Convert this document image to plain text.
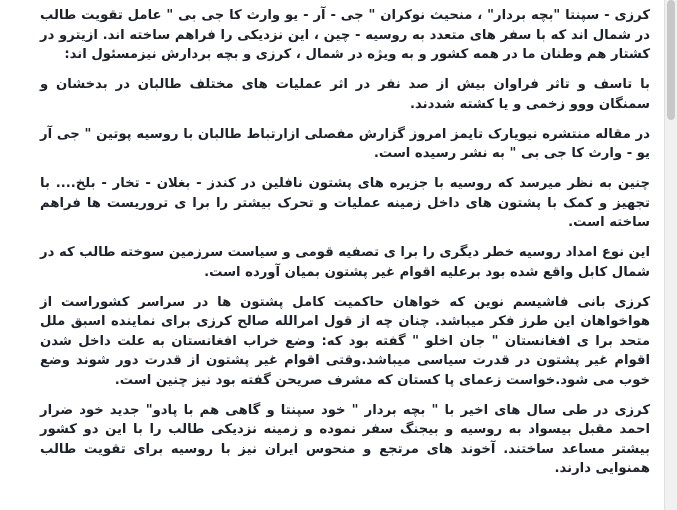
کرزی - سپنتا "بچه بردار" ، منحیث نوکران " جی - آر - یو وارث کا جی بی " عامل تقویت طالب در شمال اند که با سفر های متعدد به روسیه - چین ، این نزدیکی را فراهم ساخته اند. ازیترو در کشتار هم وطنان ما در همه کشور و به ویژه در شمال ، کرزی و بچه بردارش نیزمسئول اند:

با تاسف و تاثر فراوان بیش از صد نفر در اثر عملیات های مختلف طالبان در بدخشان و سمنگان ووو زخمی و یا کشته شددند.

در مقاله منتشره نیویارک تایمز امروز گزارش مفصلی ازارتباط طالبان با روسیه پوتین " جی آر یو - وارث کا جی بی " به نشر رسیده است.

چنین به نظر میرسد که روسیه با جزیره های پشتون نافلین در کندز - بغلان - تخار - بلخ.... با تجهیز و کمک با پشتون های داخل زمینه عملیات و تحرک بیشتر را برا ی تروریست ها فراهم ساخته است.

این نوع امداد روسیه خطر دیگری را برا ی تصفیه قومی و سیاست سرزمین سوخته طالب که در شمال کابل واقع شده بود برعلیه اقوام غیر پشتون بمیان آورده است.

کرزی بانی فاشیسم نوین که خواهان حاکمیت کامل پشتون ها در سراسر کشوراست از هواخواهان این طرز فکر میباشد. چنان چه از قول امرالله صالح کرزی برای نماینده اسبق ملل متحد برا ی افغانستان " جان اخلو " گفته بود که: وضع خراب افغانستان به علت داخل شدن اقوام غیر پشتون در قدرت سیاسی میباشد.وقتی اقوام غیر پشتون از قدرت دور شوند وضع خوب می شود.خواست زعمای پا کستان که مشرف صریحن گفته بود نیز چنین است.

کرزی در طی سال های اخیر با " بچه بردار " خود سپنتا و گاهی هم با پادو" جدید خود ضرار احمد مقبل بیسواد به روسیه و بیجنگ سفر نموده و زمینه نزدیکی طالب را با این دو کشور بیشتر مساعد ساختند. آخوند های مرتجع و منحوس ایران نیز با روسیه برای تقویت طالب همنوایی دارند.
